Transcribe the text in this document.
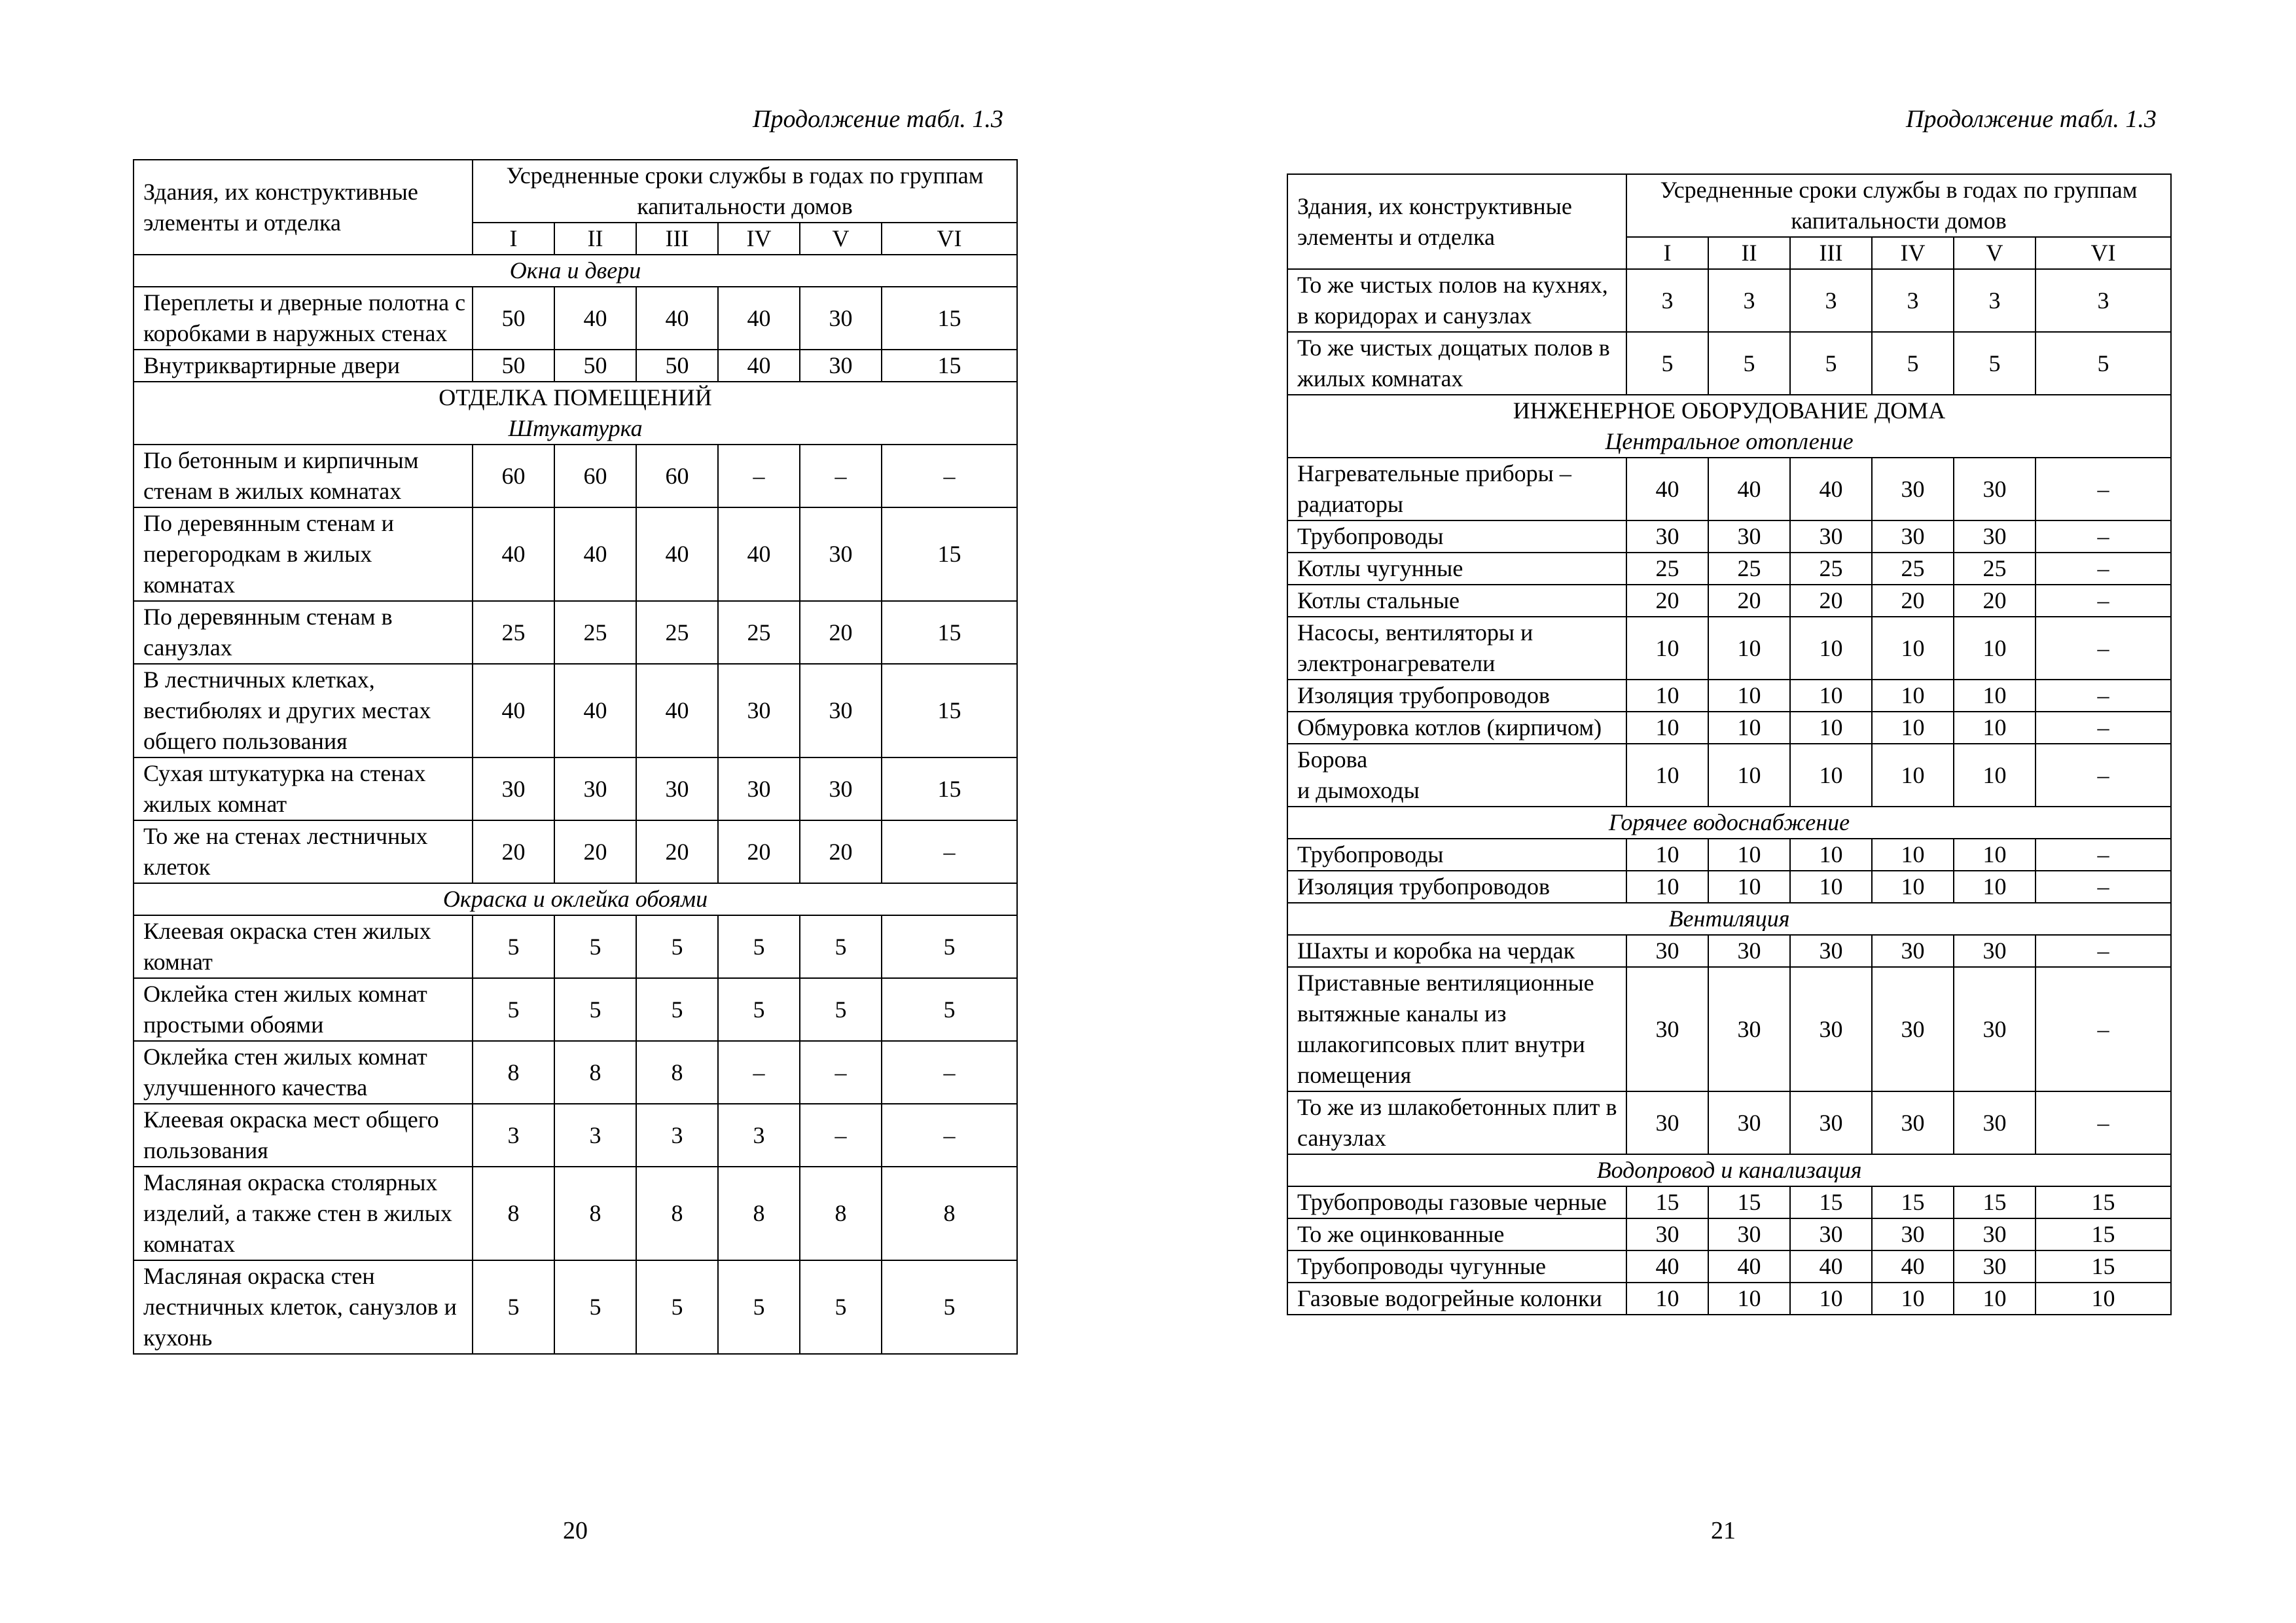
Продолжение табл. 1.3
Здания, их конструктивные элементы и отделка	Усредненные сроки службы в годах по группам капитальности домов					
	I	II	III	IV	V	VI

Окна и двери						

Переплеты и дверные полотна с коробками в наружных стенах	50	40	40	40	30	15
Внутриквартирные двери	50	50	50	40	30	15

ОТДЕЛКА ПОМЕЩЕНИЙ
Штукатурка						

По бетонным и кирпичным стенам в жилых комнатах	60	60	60	–	–	–
По деревянным стенам и перегородкам в жилых комнатах	40	40	40	40	30	15
По деревянным стенам в санузлах	25	25	25	25	20	15
В лестничных клетках, вестибюлях и других местах общего пользования	40	40	40	30	30	15
Сухая штукатурка на стенах жилых комнат	30	30	30	30	30	15
То же на стенах лестничных клеток	20	20	20	20	20	–

Окраска и оклейка обоями						

Клеевая окраска стен жилых комнат	5	5	5	5	5	5
Оклейка стен жилых комнат простыми обоями	5	5	5	5	5	5
Оклейка стен жилых комнат улучшенного качества	8	8	8	–	–	–
Клеевая окраска мест общего пользования	3	3	3	3	–	–
Масляная окраска столярных изделий, а также стен в жилых комнатах	8	8	8	8	8	8
Масляная окраска стен лестничных клеток, санузлов и кухонь	5	5	5	5	5	5
20
Продолжение табл. 1.3
Здания, их конструктивные элементы и отделка	Усредненные сроки службы в годах по группам капитальности домов					
	I	II	III	IV	V	VI
То же чистых полов на кухнях, в коридорах и санузлах	3	3	3	3	3	3
То же чистых дощатых полов в жилых комнатах	5	5	5	5	5	5

ИНЖЕНЕРНОЕ ОБОРУДОВАНИЕ ДОМА
Центральное отопление						

Нагревательные приборы – радиаторы	40	40	40	30	30	–
Трубопроводы	30	30	30	30	30	–
Котлы чугунные	25	25	25	25	25	–
Котлы стальные	20	20	20	20	20	–
Насосы, вентиляторы и электронагреватели	10	10	10	10	10	–
Изоляция трубопроводов	10	10	10	10	10	–
Обмуровка котлов (кирпичом)	10	10	10	10	10	–
Борова
и дымоходы	10	10	10	10	10	–

Горячее водоснабжение						

Трубопроводы	10	10	10	10	10	–
Изоляция трубопроводов	10	10	10	10	10	–

Вентиляция						

Шахты и коробка на чердак	30	30	30	30	30	–
Приставные вентиляционные вытяжные каналы из шлакогипсовых плит внутри помещения	30	30	30	30	30	–
То же из шлакобетонных плит в санузлах	30	30	30	30	30	–

Водопровод и канализация						

Трубопроводы газовые черные	15	15	15	15	15	15
То же оцинкованные	30	30	30	30	30	15
Трубопроводы чугунные	40	40	40	40	30	15
Газовые водогрейные колонки	10	10	10	10	10	10
21
